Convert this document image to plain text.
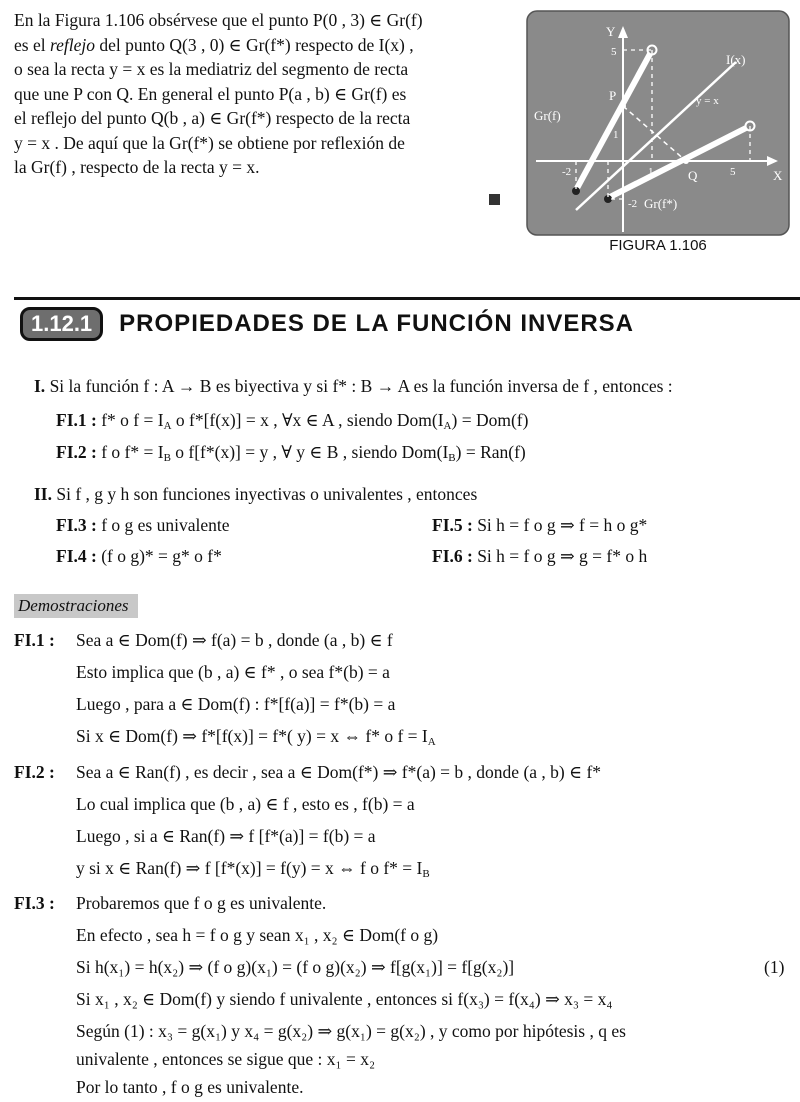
En la Figura 1.106 obsérvese que el punto P(0 , 3) ∈ Gr(f)

es el reflejo del punto Q(3 , 0) ∈ Gr(f*) respecto de I(x) ,

o sea la recta y = x es la mediatriz del segmento de recta

que une P con Q. En general el punto P(a , b) ∈ Gr(f) es

el reflejo del punto Q(b , a) ∈ Gr(f*) respecto de la recta

y = x . De aquí que la Gr(f*) se obtiene por reflexión de

la Gr(f) , respecto de la recta y = x.

Y
X
I(x)
y = x
Gr(f)
Gr(f*)
P
Q
5
1
-2
-2	1	5
FIGURA 1.106
1.12.1	PROPIEDADES DE LA FUNCIÓN INVERSA
I. Si la función f : A → B es biyectiva y si f* : B → A es la función inversa de f , entonces :
FI.1 : f* o $f = I_A$ o f*[f(x)] = x , ∀x ∈ A , siendo $Dom(I_A) = Dom(f)$
FI.2 : f o $f* = I_B$ o f[f*(x)] = y , ∀ y ∈ B , siendo $Dom(I_B) = Ran(f)$
II. Si f , g y h son funciones inyectivas o univalentes , entonces
FI.3 : f o g es univalente	FI.5 : Si h = f o g ⇒ f = h o g*
FI.4 : (f o g)* = g* o f*	FI.6 : Si h = f o g ⇒ g = f* o h
Demostraciones
FI.1 : Sea a ∈ Dom(f) ⇒ f(a) = b , donde (a , b) ∈ f
Esto implica que (b , a) ∈ f* , o sea f*(b) = a
Luego , para a ∈ Dom(f) : f*[f(a)] = f*(b) = a
Si x ∈ Dom(f) ⇒ f*[f(x)] = f*( y) = x ⇔ f* o $f = I_A$
FI.2 : Sea a ∈ Ran(f) , es decir , sea a ∈ Dom(f*) ⇒ f*(a) = b , donde (a , b) ∈ f*
Lo cual implica que (b , a) ∈ f , esto es , f(b) = a
Luego , si a ∈ Ran(f) ⇒ f [f*(a)] = f(b) = a
y si x ∈ Ran(f) ⇒ f [f*(x)] = f(y) = x ⇔ f o $f* = I_B$
FI.3 : Probaremos que f o g es univalente.
En efecto , sea h = f o g y sean x₁ , x₂ ∈ Dom(f o g)
Si h(x₁) = h(x₂) ⇒ (f o g)(x₁) = (f o g)(x₂) ⇒ f[g(x₁)] = f[g(x₂)]	(1)
Si x₁ , x₂ ∈ Dom(f) y siendo f univalente , entonces si f(x₃) = f(x₄) ⇒ x₃ = x₄
Según (1) : x₃ = g(x₁) y x₄ = g(x₂) ⇒ g(x₁) = g(x₂) , y como por hipótesis , q es
univalente , entonces se sigue que : x₁ = x₂
Por lo tanto , f o g es univalente.
